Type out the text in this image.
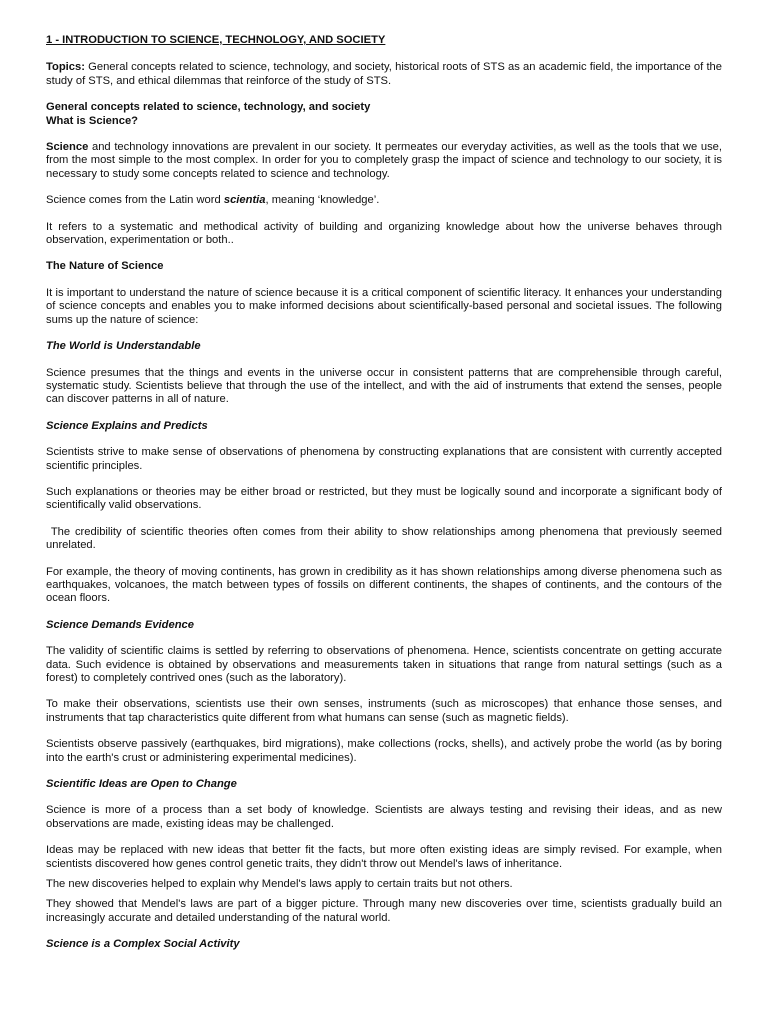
1 - INTRODUCTION TO SCIENCE, TECHNOLOGY, AND SOCIETY

Topics: General concepts related to science, technology, and society, historical roots of STS as an academic field, the importance of the study of STS, and ethical dilemmas that reinforce of the study of STS.

General concepts related to science, technology, and society
What is Science?

Science and technology innovations are prevalent in our society. It permeates our everyday activities, as well as the tools that we use, from the most simple to the most complex. In order for you to completely grasp the impact of science and technology to our society, it is necessary to study some concepts related to science and technology.

Science comes from the Latin word scientia, meaning ‘knowledge’.

It refers to a systematic and methodical activity of building and organizing knowledge about how the universe behaves through observation, experimentation or both..

The Nature of Science

It is important to understand the nature of science because it is a critical component of scientific literacy. It enhances your understanding of science concepts and enables you to make informed decisions about scientifically-based personal and societal issues. The following sums up the nature of science:

The World is Understandable

Science presumes that the things and events in the universe occur in consistent patterns that are comprehensible through careful, systematic study. Scientists believe that through the use of the intellect, and with the aid of instruments that extend the senses, people can discover patterns in all of nature.

Science Explains and Predicts

Scientists strive to make sense of observations of phenomena by constructing explanations that are consistent with currently accepted scientific principles.

Such explanations or theories may be either broad or restricted, but they must be logically sound and incorporate a significant body of scientifically valid observations.

The credibility of scientific theories often comes from their ability to show relationships among phenomena that previously seemed unrelated.

For example, the theory of moving continents, has grown in credibility as it has shown relationships among diverse phenomena such as earthquakes, volcanoes, the match between types of fossils on different continents, the shapes of continents, and the contours of the ocean floors.

Science Demands Evidence

The validity of scientific claims is settled by referring to observations of phenomena. Hence, scientists concentrate on getting accurate data. Such evidence is obtained by observations and measurements taken in situations that range from natural settings (such as a forest) to completely contrived ones (such as the laboratory).

To make their observations, scientists use their own senses, instruments (such as microscopes) that enhance those senses, and instruments that tap characteristics quite different from what humans can sense (such as magnetic fields).

Scientists observe passively (earthquakes, bird migrations), make collections (rocks, shells), and actively probe the world (as by boring into the earth's crust or administering experimental medicines).

Scientific Ideas are Open to Change

Science is more of a process than a set body of knowledge. Scientists are always testing and revising their ideas, and as new observations are made, existing ideas may be challenged.

Ideas may be replaced with new ideas that better fit the facts, but more often existing ideas are simply revised. For example, when scientists discovered how genes control genetic traits, they didn't throw out Mendel's laws of inheritance.

The new discoveries helped to explain why Mendel's laws apply to certain traits but not others.

They showed that Mendel's laws are part of a bigger picture. Through many new discoveries over time, scientists gradually build an increasingly accurate and detailed understanding of the natural world.

Science is a Complex Social Activity
